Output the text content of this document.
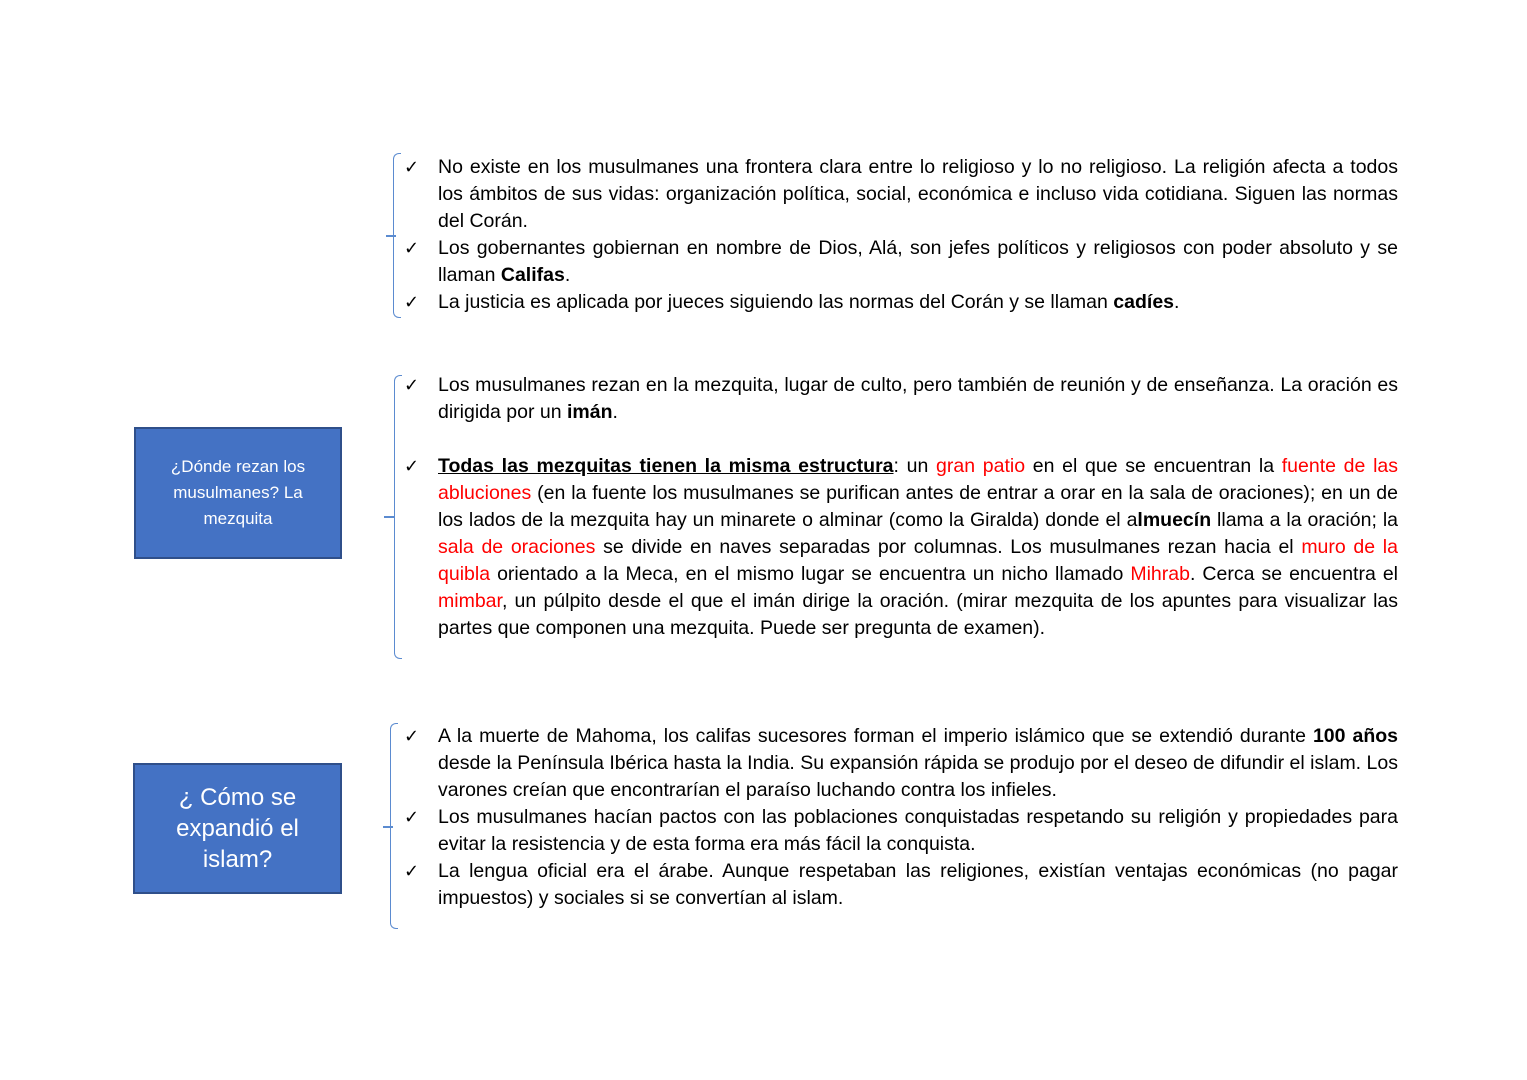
✓ No existe en los musulmanes una frontera clara entre lo religioso y lo no religioso. La religión afecta a todos los ámbitos de sus vidas: organización política, social, económica e incluso vida cotidiana. Siguen las normas del Corán.
✓ Los gobernantes gobiernan en nombre de Dios, Alá, son jefes políticos y religiosos con poder absoluto y se llaman Califas.
✓ La justicia es aplicada por jueces siguiendo las normas del Corán y se llaman cadíes.
¿Dónde rezan los musulmanes? La mezquita
✓ Los musulmanes rezan en la mezquita, lugar de culto, pero también de reunión y de enseñanza. La oración es dirigida por un imán.
✓ Todas las mezquitas tienen la misma estructura: un gran patio en el que se encuentran la fuente de las abluciones (en la fuente los musulmanes se purifican antes de entrar a orar en la sala de oraciones); en un de los lados de la mezquita hay un minarete o alminar (como la Giralda) donde el almuecín llama a la oración; la sala de oraciones se divide en naves separadas por columnas. Los musulmanes rezan hacia el muro de la quibla orientado a la Meca, en el mismo lugar se encuentra un nicho llamado Mihrab. Cerca se encuentra el mimbar, un púlpito desde el que el imán dirige la oración. (mirar mezquita de los apuntes para visualizar las partes que componen una mezquita. Puede ser pregunta de examen).
¿ Cómo se expandió el islam?
✓ A la muerte de Mahoma, los califas sucesores forman el imperio islámico que se extendió durante 100 años desde la Península Ibérica hasta la India. Su expansión rápida se produjo por el deseo de difundir el islam. Los varones creían que encontrarían el paraíso luchando contra los infieles.
✓ Los musulmanes hacían pactos con las poblaciones conquistadas respetando su religión y propiedades para evitar la resistencia y de esta forma era más fácil la conquista.
✓ La lengua oficial era el árabe. Aunque respetaban las religiones, existían ventajas económicas (no pagar impuestos) y sociales si se convertían al islam.
